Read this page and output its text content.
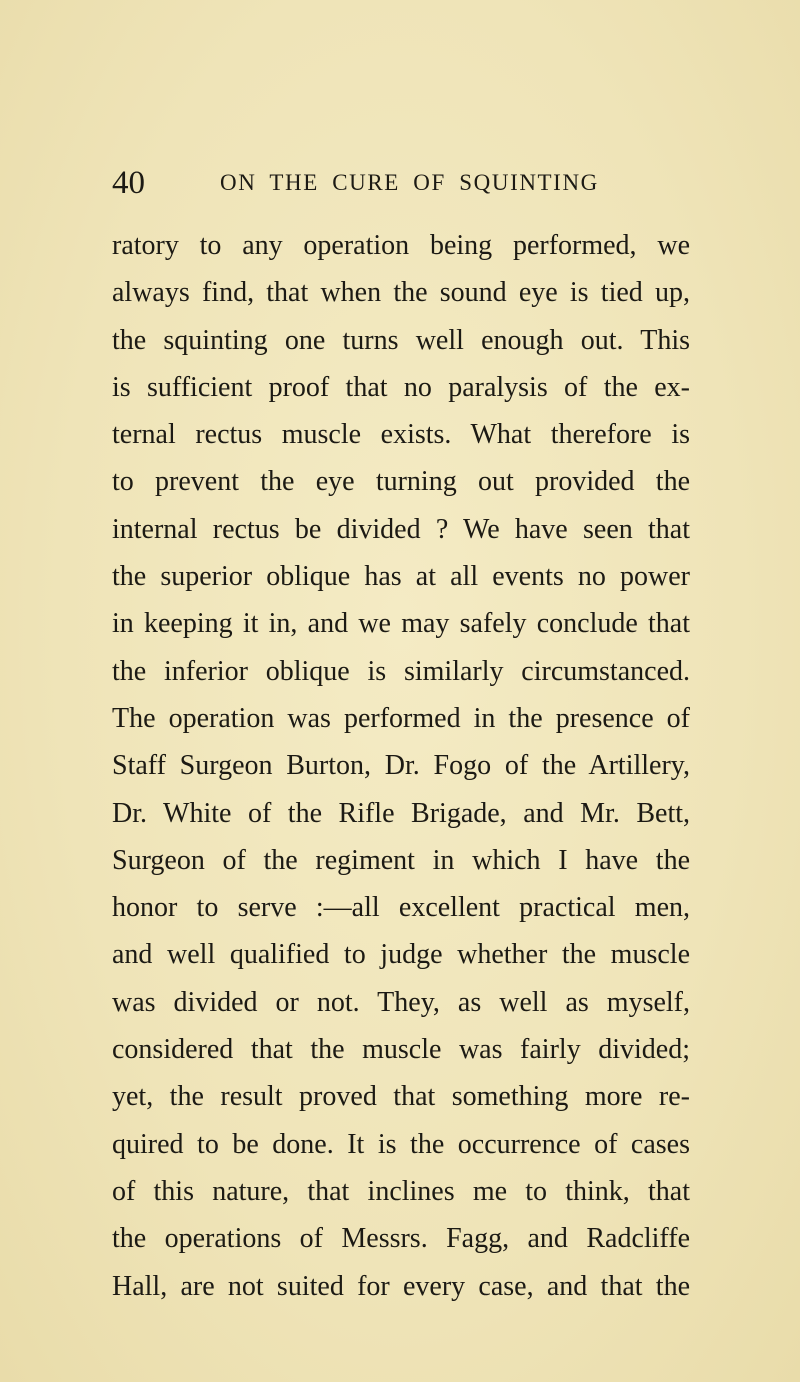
40	ON THE CURE OF SQUINTING
ratory to any operation being performed, we
always find, that when the sound eye is tied up,
the squinting one turns well enough out. This
is sufficient proof that no paralysis of the ex-
ternal rectus muscle exists. What therefore is
to prevent the eye turning out provided the
internal rectus be divided ? We have seen that
the superior oblique has at all events no power
in keeping it in, and we may safely conclude that
the inferior oblique is similarly circumstanced.
The operation was performed in the presence of
Staff Surgeon Burton, Dr. Fogo of the Artillery,
Dr. White of the Rifle Brigade, and Mr. Bett,
Surgeon of the regiment in which I have the
honor to serve :—all excellent practical men,
and well qualified to judge whether the muscle
was divided or not. They, as well as myself,
considered that the muscle was fairly divided;
yet, the result proved that something more re-
quired to be done. It is the occurrence of cases
of this nature, that inclines me to think, that
the operations of Messrs. Fagg, and Radcliffe
Hall, are not suited for every case, and that the
